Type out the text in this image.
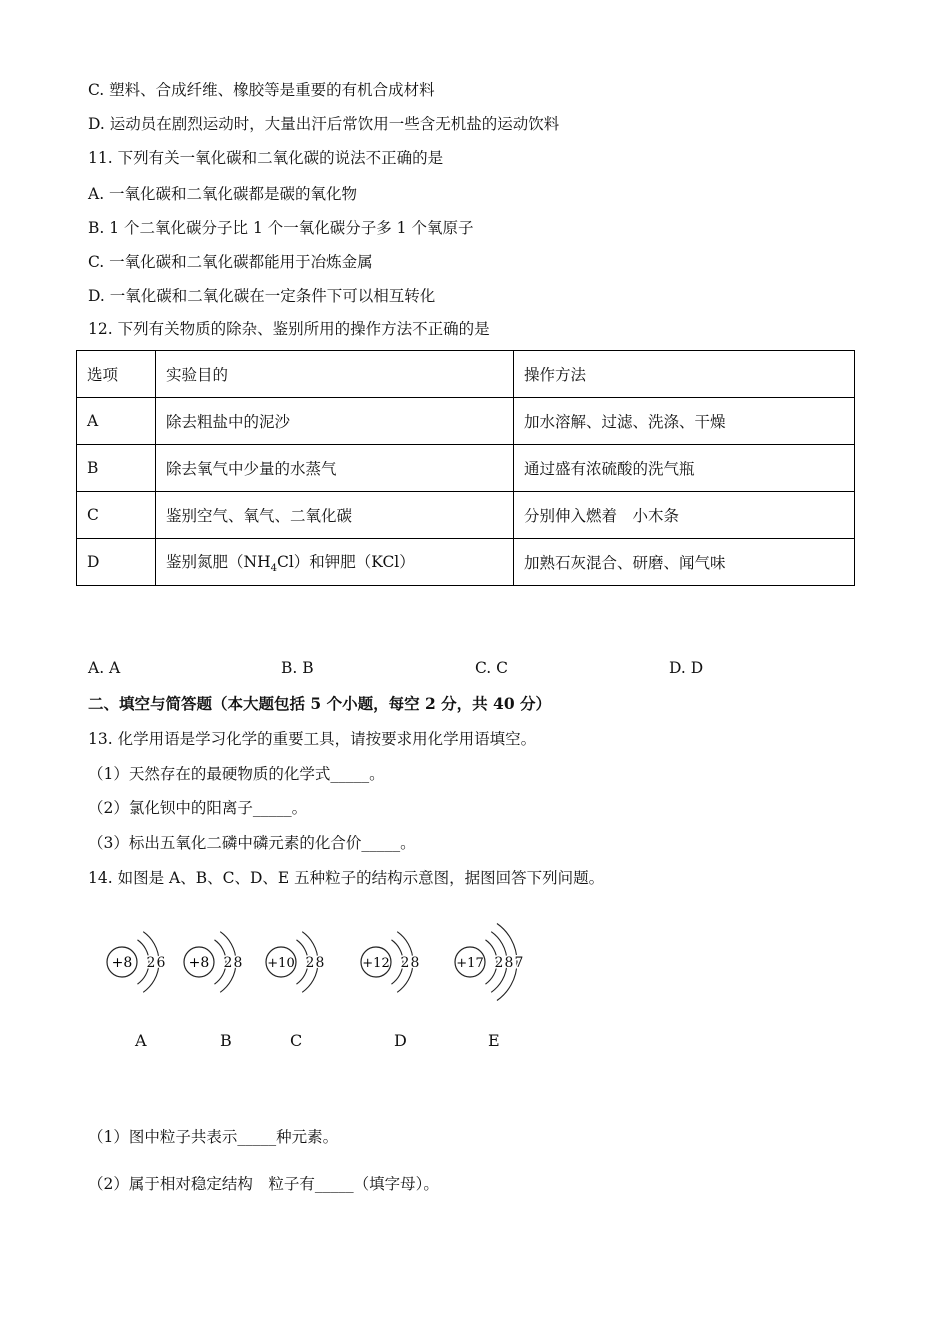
C. 塑料、合成纤维、橡胶等是重要的有机合成材料
D. 运动员在剧烈运动时，大量出汗后常饮用一些含无机盐的运动饮料
11. 下列有关一氧化碳和二氧化碳的说法不正确的是
A. 一氧化碳和二氧化碳都是碳的氧化物
B. 1 个二氧化碳分子比 1 个一氧化碳分子多 1 个氧原子
C. 一氧化碳和二氧化碳都能用于冶炼金属
D. 一氧化碳和二氧化碳在一定条件下可以相互转化
12. 下列有关物质的除杂、鉴别所用的操作方法不正确的是
选项	实验目的	操作方法
A	除去粗盐中的泥沙	加水溶解、过滤、洗涤、干燥
B	除去氧气中少量的水蒸气	通过盛有浓硫酸的洗气瓶
C	鉴别空气、氧气、二氧化碳	分别伸入燃着　小木条
D	鉴别氮肥$(NH_4Cl)$和钾肥（KCl）	加熟石灰混合、研磨、闻气味
A. A	B. B	C. C	D. D
二、填空与简答题（本大题包括 5 个小题，每空 2 分，共 40 分）
13. 化学用语是学习化学的重要工具，请按要求用化学用语填空。
（1）天然存在的最硬物质的化学式_____。
（2）氯化钡中的阳离子_____。
（3）标出五氧化二磷中磷元素的化合价_____。
14. 如图是 A、B、C、D、E 五种粒子的结构示意图，据图回答下列问题。
+8 2 6
A
+8 2 8
B
+10 2 8
C
+12 2 8
D
+17 2 8 7
E
（1）图中粒子共表示_____种元素。
（2）属于相对稳定结构　粒子有_____（填字母）。
